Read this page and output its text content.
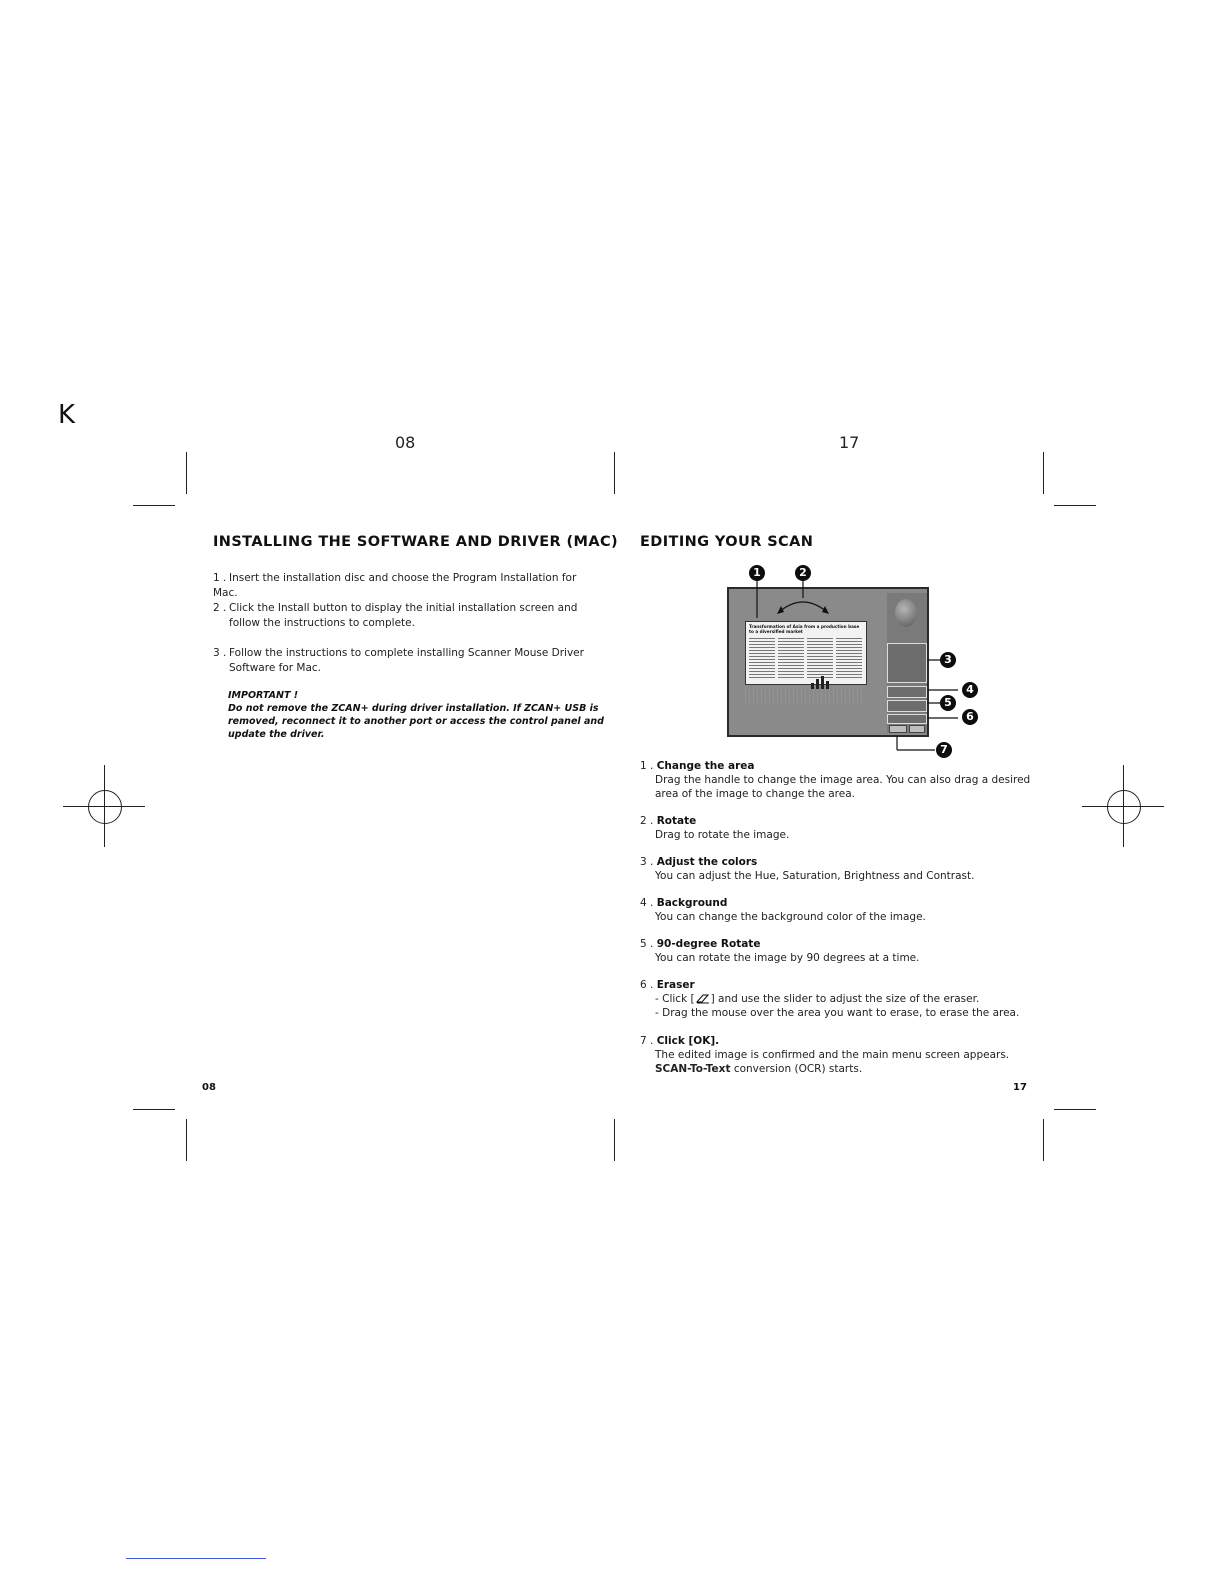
K
08	17
INSTALLING THE SOFTWARE AND DRIVER (MAC)
1 . Insert the installation disc and choose the Program Installation for Mac.
2 . Click the Install button to display the initial installation screen and
follow the instructions to complete.
3 . Follow the instructions to complete installing Scanner Mouse Driver
Software for Mac.
IMPORTANT !
Do not remove the ZCAN+ during driver installation. If ZCAN+ USB is
removed, reconnect it to another port or access the control panel and
update the driver.
08
EDITING YOUR SCAN
Transformation of Asia from a production base to a diversified market
1	2
3
4
5
6
7
1 . Change the area
Drag the handle to change the image area. You can also drag a desired
area of the image to change the area.
2 . Rotate
Drag to rotate the image.
3 . Adjust the colors
You can adjust the Hue, Saturation, Brightness and Contrast.
4 . Background
You can change the background color of the image.
5 . 90-degree Rotate
You can rotate the image by 90 degrees at a time.
6 . Eraser
- Click [ ] and use the slider to adjust the size of the eraser.
- Drag the mouse over the area you want to erase, to erase the area.
7 . Click [OK].
The edited image is confirmed and the main menu screen appears.
SCAN-To-Text conversion (OCR) starts.
17
